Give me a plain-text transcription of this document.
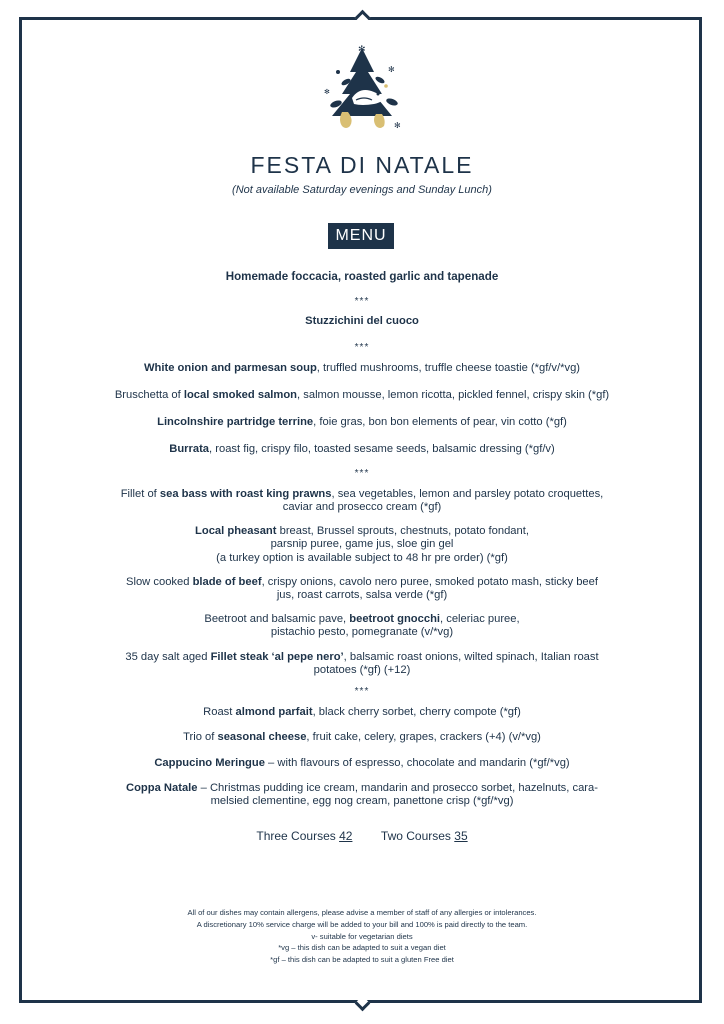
✻
✻
✻
✻
FESTA DI NATALE
(Not available Saturday evenings and Sunday Lunch)
MENU

Homemade foccacia, roasted garlic and tapenade

***

Stuzzichini del cuoco

***

White onion and parmesan soup, truffled mushrooms, truffle cheese toastie (*gf/v/*vg)

Bruschetta of local smoked salmon, salmon mousse, lemon ricotta, pickled fennel, crispy skin (*gf)

Lincolnshire partridge terrine, foie gras, bon bon elements of pear, vin cotto (*gf)

Burrata, roast fig, crispy filo, toasted sesame seeds, balsamic dressing (*gf/v)

***

Fillet of sea bass with roast king prawns, sea vegetables, lemon and parsley potato croquettes,
caviar and prosecco cream (*gf)

Local pheasant breast, Brussel sprouts, chestnuts, potato fondant,
parsnip puree, game jus, sloe gin gel
(a turkey option is available subject to 48 hr pre order) (*gf)

Slow cooked blade of beef, crispy onions, cavolo nero puree, smoked potato mash, sticky beef
jus, roast carrots, salsa verde (*gf)

Beetroot and balsamic pave, beetroot gnocchi, celeriac puree,
pistachio pesto, pomegranate (v/*vg)

35 day salt aged Fillet steak ‘al pepe nero’, balsamic roast onions, wilted spinach, Italian roast
potatoes (*gf) (+12)

***

Roast almond parfait, black cherry sorbet, cherry compote (*gf)

Trio of seasonal cheese, fruit cake, celery, grapes, crackers (+4) (v/*vg)

Cappucino Meringue – with flavours of espresso, chocolate and mandarin (*gf/*vg)

Coppa Natale – Christmas pudding ice cream, mandarin and prosecco sorbet, hazelnuts, cara-
melsied clementine, egg nog cream, panettone crisp (*gf/*vg)

Three Courses 42 Two Courses 35

All of our dishes may contain allergens, please advise a member of staff of any allergies or intolerances.

A discretionary 10% service charge will be added to your bill and 100% is paid directly to the team.

v- suitable for vegetarian diets

*vg – this dish can be adapted to suit a vegan diet

*gf – this dish can be adapted to suit a gluten Free diet
